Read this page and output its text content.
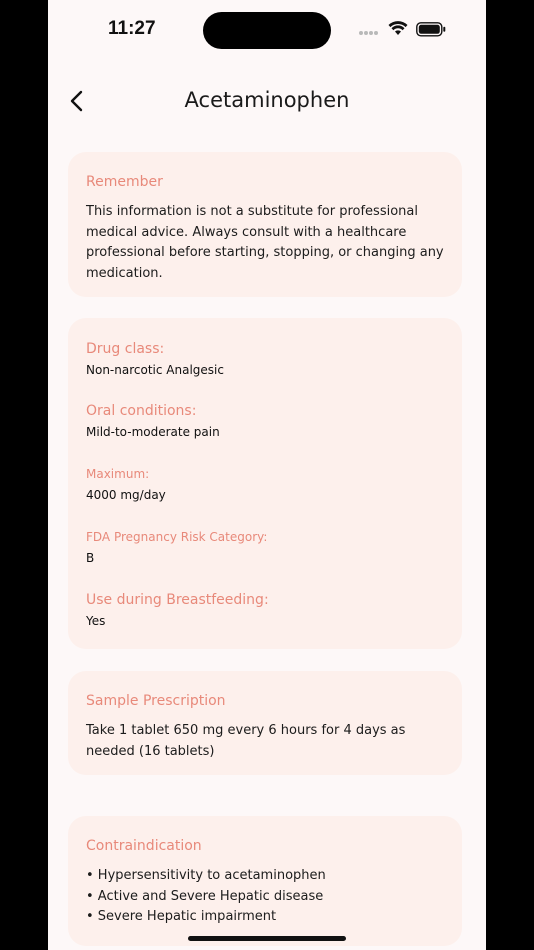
11:27
Acetaminophen

Remember

This information is not a substitute for professional medical advice. Always consult with a healthcare professional before starting, stopping, or changing any medication.

Drug class:

Non-narcotic Analgesic

Oral conditions:

Mild-to-moderate pain

Maximum:

4000 mg/day

FDA Pregnancy Risk Category:

B

Use during Breastfeeding:

Yes

Sample Prescription

Take 1 tablet 650 mg every 6 hours for 4 days as needed (16 tablets)

Contraindication

• Hypersensitivity to acetaminophen
• Active and Severe Hepatic disease
• Severe Hepatic impairment
